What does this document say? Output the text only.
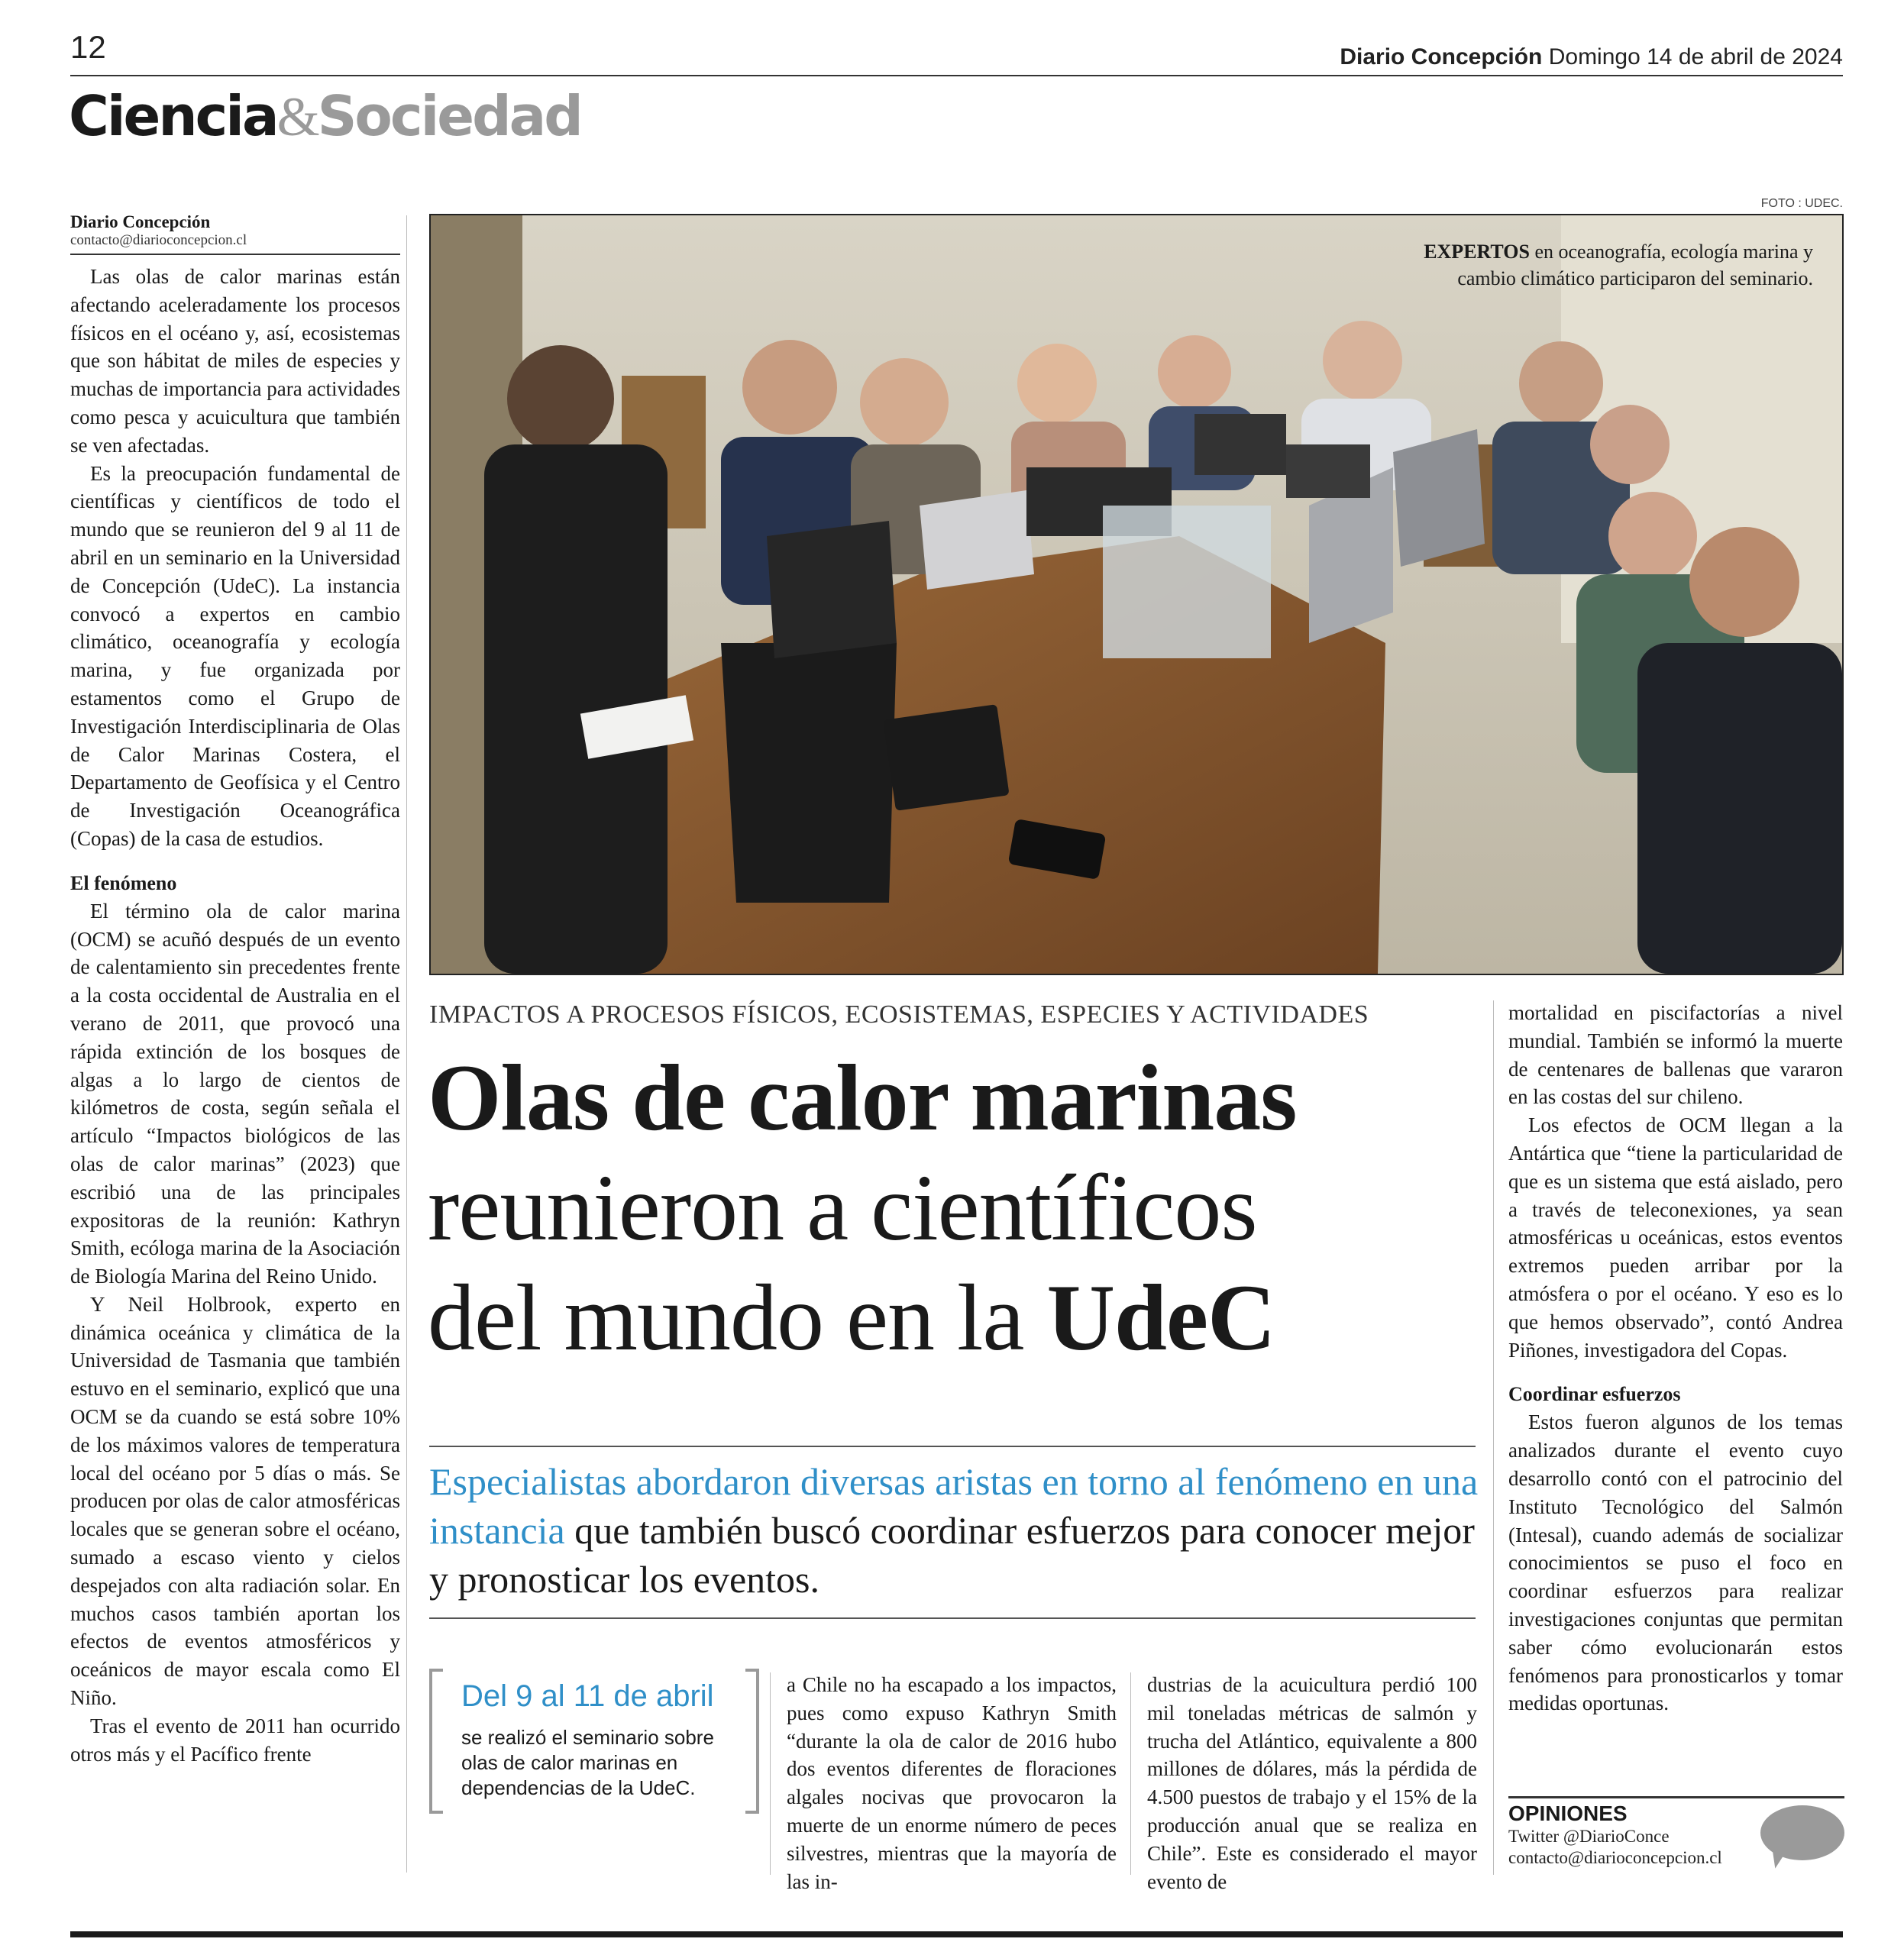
12	Diario Concepción Domingo 14 de abril de 2024
Ciencia&Sociedad
Diario Concepción
contacto@diarioconcepcion.cl

Las olas de calor marinas están afectando aceleradamente los procesos físicos en el océano y, así, ecosistemas que son hábitat de miles de especies y muchas de importancia para actividades como pesca y acuicultura que también se ven afectadas.

Es la preocupación fundamental de científicas y científicos de todo el mundo que se reunieron del 9 al 11 de abril en un seminario en la Universidad de Concepción (UdeC). La instancia convocó a expertos en cambio climático, oceanografía y ecología marina, y fue organizada por estamentos como el Grupo de Investigación Interdisciplinaria de Olas de Calor Marinas Costera, el Departamento de Geofísica y el Centro de Investigación Oceanográfica (Copas) de la casa de estudios.

El fenómeno

El término ola de calor marina (OCM) se acuñó después de un evento de calentamiento sin precedentes frente a la costa occidental de Australia en el verano de 2011, que provocó una rápida extinción de los bosques de algas a lo largo de cientos de kilómetros de costa, según señala el artículo “Impactos biológicos de las olas de calor marinas” (2023) que escribió una de las principales expositoras de la reunión: Kathryn Smith, ecóloga marina de la Asociación de Biología Marina del Reino Unido.

Y Neil Holbrook, experto en dinámica oceánica y climática de la Universidad de Tasmania que también estuvo en el seminario, explicó que una OCM se da cuando se está sobre 10% de los máximos valores de temperatura local del océano por 5 días o más. Se producen por olas de calor atmosféricas locales que se generan sobre el océano, sumado a escaso viento y cielos despejados con alta radiación solar. En muchos casos también aportan los efectos de eventos atmosféricos y oceánicos de mayor escala como El Niño.

Tras el evento de 2011 han ocurrido otros más y el Pacífico frente

FOTO : UDEC.
EXPERTOS en oceanografía, ecología marina y cambio climático participaron del seminario.
IMPACTOS A PROCESOS FÍSICOS, ECOSISTEMAS, ESPECIES Y ACTIVIDADES
Olas de calor marinas
reunieron a científicos
del mundo en la UdeC
Especialistas abordaron diversas aristas en torno al fenómeno en una instancia que también buscó coordinar esfuerzos para conocer mejor y pronosticar los eventos.
Del 9 al 11 de abril
se realizó el seminario sobre olas de calor marinas en dependencias de la UdeC.
a Chile no ha escapado a los impactos, pues como expuso Kathryn Smith “durante la ola de calor de 2016 hubo dos eventos diferentes de floraciones algales nocivas que provocaron la muerte de un enorme número de peces silvestres, mientras que la mayoría de las in-
dustrias de la acuicultura perdió 100 mil toneladas métricas de salmón y trucha del Atlántico, equivalente a 800 millones de dólares, más la pérdida de 4.500 puestos de trabajo y el 15% de la producción anual que se realiza en Chile”. Este es considerado el mayor evento de
mortalidad en piscifactorías a nivel mundial. También se informó la muerte de centenares de ballenas que vararon en las costas del sur chileno.

Los efectos de OCM llegan a la Antártica que “tiene la particularidad de que es un sistema que está aislado, pero a través de teleconexiones, ya sean atmosféricas u oceánicas, estos eventos extremos pueden arribar por la atmósfera o por el océano. Y eso es lo que hemos observado”, contó Andrea Piñones, investigadora del Copas.

Coordinar esfuerzos

Estos fueron algunos de los temas analizados durante el evento cuyo desarrollo contó con el patrocinio del Instituto Tecnológico del Salmón (Intesal), cuando además de socializar conocimientos se puso el foco en coordinar esfuerzos para realizar investigaciones conjuntas que permitan saber cómo evolucionarán estos fenómenos para pronosticarlos y tomar medidas oportunas.

OPINIONES
Twitter @DiarioConce
contacto@diarioconcepcion.cl
